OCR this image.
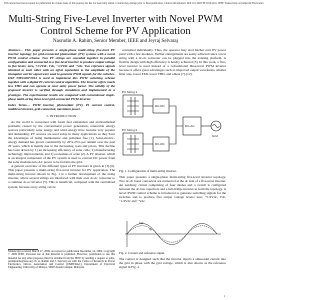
This article has been accepted for publication in a future issue of this journal, but has not been fully edited. Content may change prior to final publication. Citation information: DOI 10.1109/TIE.2016.xxxx, IEEE Transactions on Industrial Electronics
Multi-String Five-Level Inverter with Novel PWM Control Scheme for PV Application
Nasrudin A. Rahim, Senior Member, IEEE and Jeyraj Selvaraj
Abstract— This paper presents a single-phase multi-string five-level PV inverter topology for grid-connected photovoltaic (PV) systems with a novel PWM control scheme. Two PV strings are cascaded together in parallel configuration and connected to a five-level inverter to produce output voltage in five levels: zero, +1/2Vdc, Vdc, −1/2Vdc and −Vdc. Two reference signals identical to each other with an offset equivalent to the amplitude of the triangular carrier signal were used to generate PWM signals for the switches. DSP TMS320F2812 is used to implement this PWM switching scheme together with a digital PI current control algorithm. The inverter offers much less THD and can operate at near unity power factor. The validity of the proposed inverter is verified through simulation and implemented in a prototype. The experimental results are compared with conventional single-phase multi-string three-level grid-connected PWM inverter.
Index Terms— PWM inverter, photovoltaic (PV), PI current control, multilevel inverter, grid-connected, maximum power.
I. INTRODUCTION

As the world is concerned with fossil fuel exhaustion and environmental problems caused by the conventional power generation, renewable energy sources particularly solar energy and wind energy have become very popular and demanding. PV sources are used today in many applications as they have the advantages of being maintenance and pollution free [1]. Solar-electric-energy demand has grown consistently by 20%-25% per annum over the past 20 years, which is mainly due to the decreasing costs and prices. This decline has been driven by 1) an increasing efficiency of solar cells; 2) manufacturing technology improvements, and 3) economies of scale [2]. A PV inverter, which is an integral component of the PV system is used to convert DC power from the solar modules into AC power to be fed into the grid.

A general overview of the different types of PV inverters is given in [3]-[6]. This paper presents a multi-string five-level inverter for PV application. The multi-string inverter shown in Fig. 1 is a further development of the string inverter, where several strings are interfaced with their own dc-dc converter to a common dc-ac inverter [5]. This is beneficial, compared with the centralized system, because every string can be

Manuscript received March 27, 2009. Accepted for publication December 14, 2009. Copyright © 2009 IEEE. Personal use of this material is permitted. However, permission to use this material for any other purposes must be obtained from the IEEE by sending a request to pubs-permissions@ieee.org. N. A. Rahim and J. Selvaraj are with the Centre of Research in Power Electronics, Drives, Automation and Control (UMPEDAC), Department of Electrical Engineering, University of Malaya, 50603 Kuala Lumpur, Malaysia.

controlled individually. Thus, the operator may start his/her own PV power plant with a few modules. Further enlargements are easily achieved since a new string with a dc-dc converter can be plugged into the existing platform. A flexible design with high efficiency is hereby achieved [5]. In this work, a five-level inverter is used instead of a conventional three-level PWM inverter because it offers great advantages such as improved output waveforms, smaller filter size, lower EMI, lower THD, and others [7]-[12].

PV String 1
PV String 2
DC-DC
DC-DC
DC-AC
Grid
Fig. 1. Configuration of multi-string inverter.
This paper presents a single-phase multi-string five-level inverter topology. Two dc-dc boost converters are connected at the dc side of a five-level inverter. An auxiliary circuit comprising of four diodes and a switch is configured between the dc-bus capacitors and a full-bridge inverter to form the topology. A novel PWM control scheme is introduced to generate switching signals for the switches and to produce five output voltage levels: zero, +1/2Vdc, Vdc, −1/2Vdc and −Vdc.
Iref
Ig
Fig. 2. Current and reference signal.
The control is designed such that the inverter injects a sinusoidal current into the grid in phase with the grid voltage, which is also shown as the reference signal in Fig. 2.
1
